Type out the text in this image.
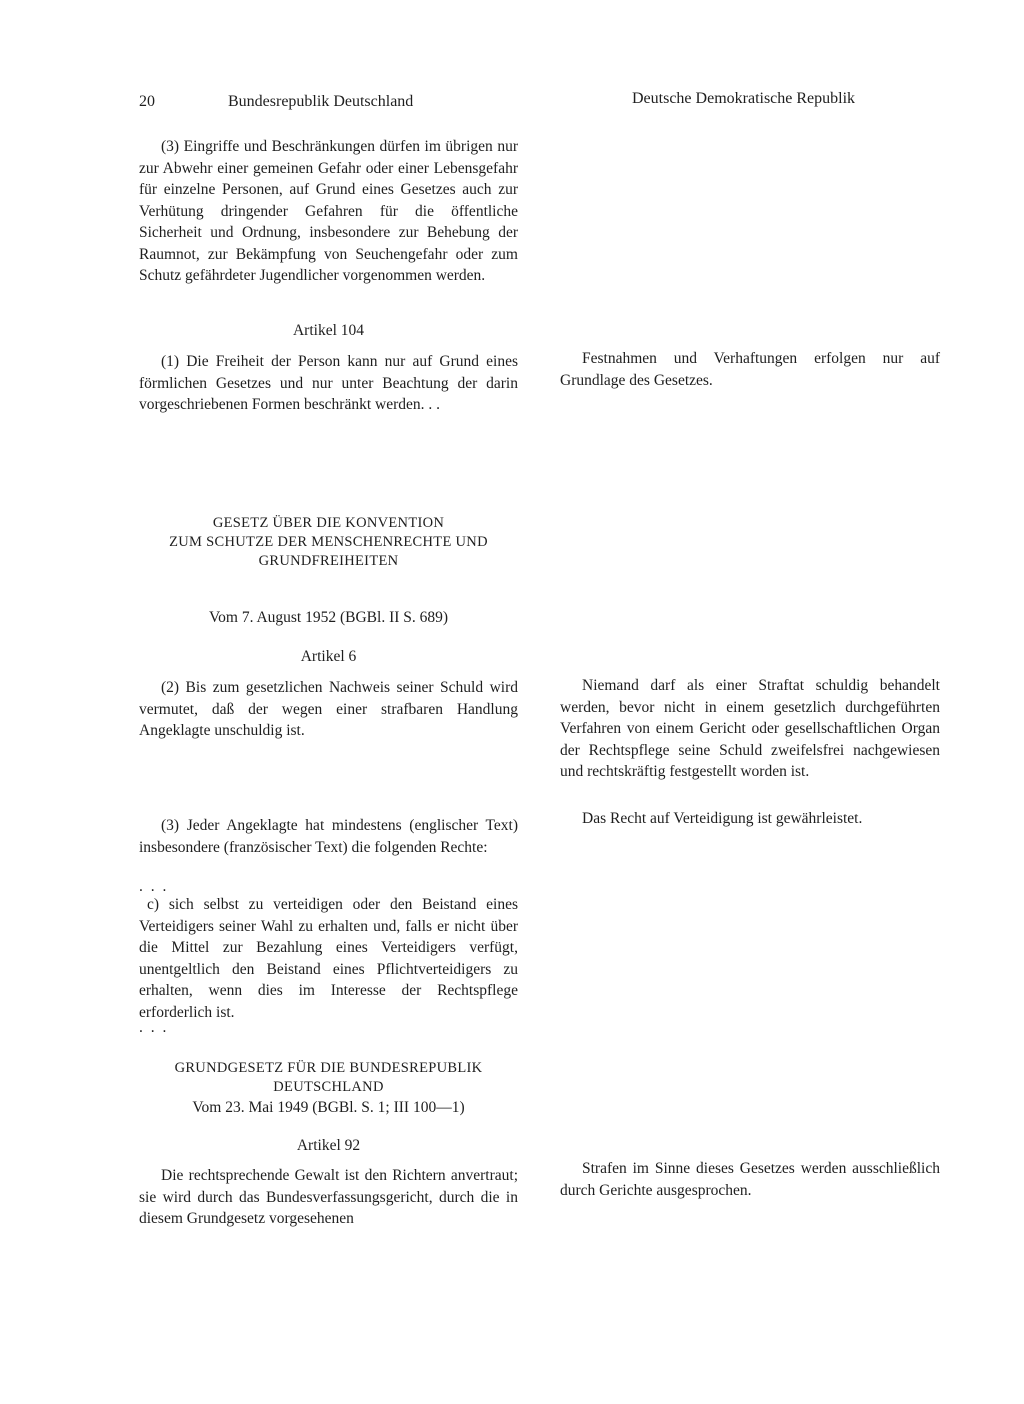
20	Bundesrepublik Deutschland	Deutsche Demokratische Republik

(3) Eingriffe und Beschränkungen dürfen im übrigen nur zur Abwehr einer gemeinen Gefahr oder einer Lebensgefahr für einzelne Personen, auf Grund eines Gesetzes auch zur Verhütung dringender Gefahren für die öffentliche Sicherheit und Ordnung, insbesondere zur Behebung der Raumnot, zur Bekämpfung von Seuchengefahr oder zum Schutz gefährdeter Jugendlicher vorgenommen werden.

Artikel 104

(1) Die Freiheit der Person kann nur auf Grund eines förmlichen Gesetzes und nur unter Beachtung der darin vorgeschriebenen Formen beschränkt werden. . .

GESETZ ÜBER DIE KONVENTION
ZUM SCHUTZE DER MENSCHENRECHTE UND
GRUNDFREIHEITEN
Vom 7. August 1952 (BGBl. II S. 689)
Artikel 6

(2) Bis zum gesetzlichen Nachweis seiner Schuld wird vermutet, daß der wegen einer strafbaren Handlung Angeklagte unschuldig ist.

(3) Jeder Angeklagte hat mindestens (englischer Text) insbesondere (französischer Text) die folgenden Rechte:

. . .

c) sich selbst zu verteidigen oder den Beistand eines Verteidigers seiner Wahl zu erhalten und, falls er nicht über die Mittel zur Bezahlung eines Verteidigers verfügt, unentgeltlich den Beistand eines Pflichtverteidigers zu erhalten, wenn dies im Interesse der Rechtspflege erforderlich ist.

. . .
GRUNDGESETZ FÜR DIE BUNDESREPUBLIK
DEUTSCHLAND
Vom 23. Mai 1949 (BGBl. S. 1; III 100—1)
Artikel 92

Die rechtsprechende Gewalt ist den Richtern anvertraut; sie wird durch das Bundesverfassungsgericht, durch die in diesem Grundgesetz vorgesehenen

Festnahmen und Verhaftungen erfolgen nur auf Grundlage des Gesetzes.

Niemand darf als einer Straftat schuldig behandelt werden, bevor nicht in einem gesetzlich durchgeführten Verfahren von einem Gericht oder gesellschaftlichen Organ der Rechtspflege seine Schuld zweifelsfrei nachgewiesen und rechtskräftig festgestellt worden ist.

Das Recht auf Verteidigung ist gewährleistet.

Strafen im Sinne dieses Gesetzes werden ausschließlich durch Gerichte ausgesprochen.
